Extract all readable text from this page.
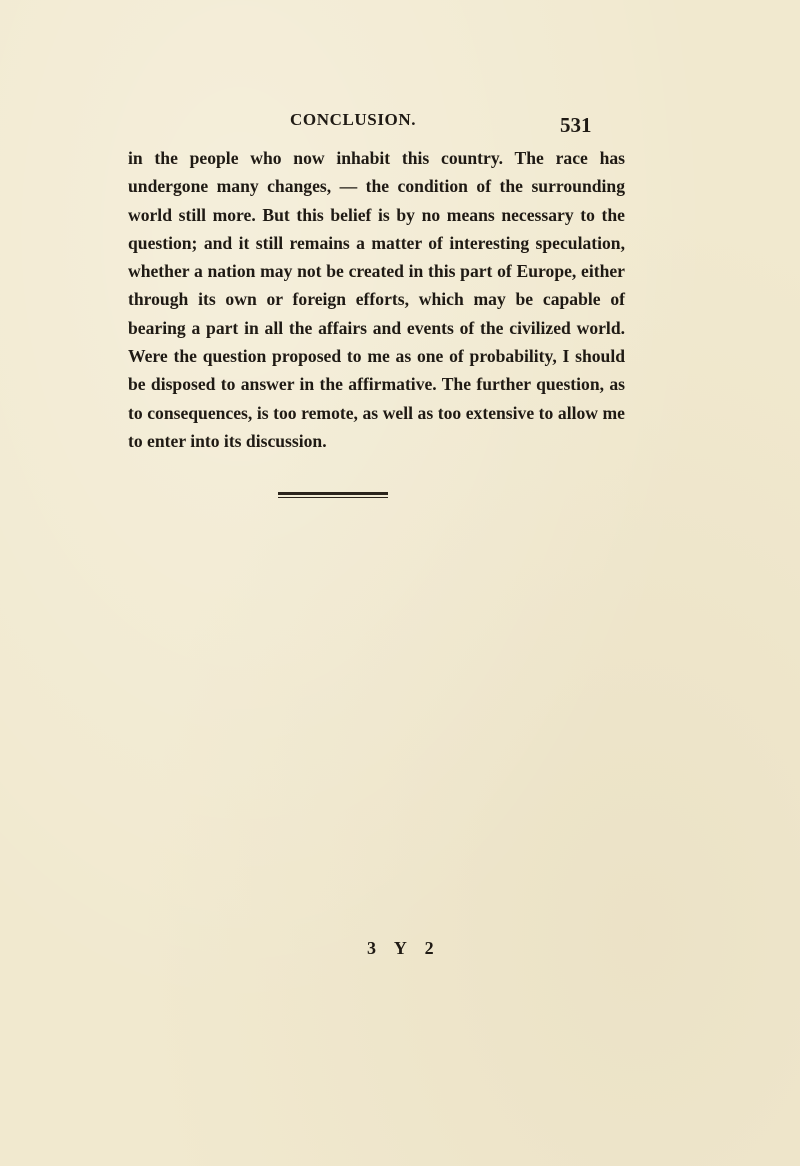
CONCLUSION.	531

in the people who now inhabit this country. The race has undergone many changes, — the condition of the surrounding world still more. But this belief is by no means necessary to the question; and it still remains a matter of interesting speculation, whether a nation may not be created in this part of Europe, either through its own or foreign efforts, which may be capable of bearing a part in all the affairs and events of the civilized world. Were the question proposed to me as one of probability, I should be disposed to answer in the affirmative. The further question, as to consequences, is too remote, as well as too extensive to allow me to enter into its discussion.

3 Y 2
